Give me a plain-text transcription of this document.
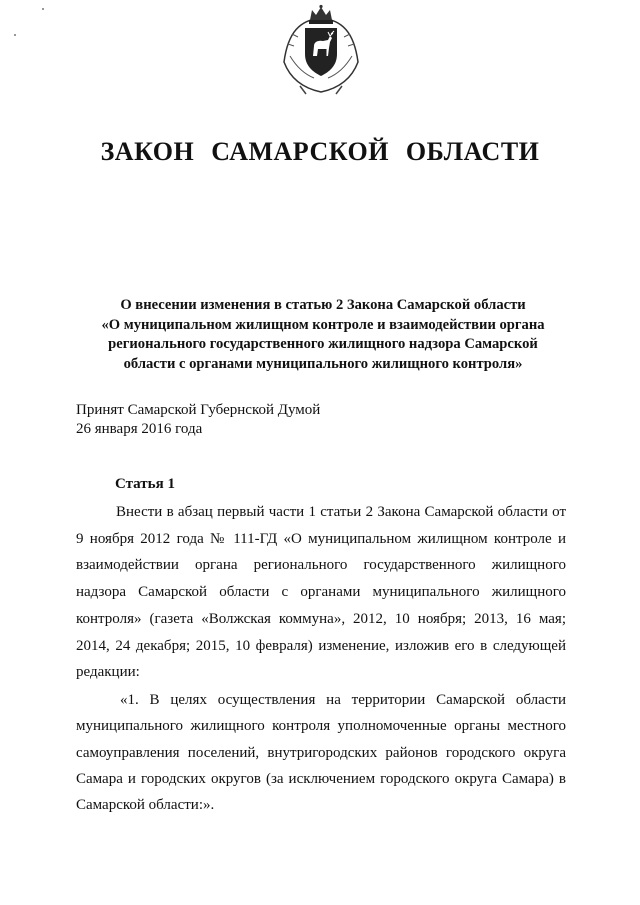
ЗАКОН САМАРСКОЙ ОБЛАСТИ
О внесении изменения в статью 2 Закона Самарской области
«О муниципальном жилищном контроле и взаимодействии органа
регионального государственного жилищного надзора Самарской
области с органами муниципального жилищного контроля»
Принят Самарской Губернской Думой
26 января 2016 года
Статья 1
Внести в абзац первый части 1 статьи 2 Закона Самарской области от
9 ноября 2012 года № 111-ГД «О муниципальном жилищном контроле и
взаимодействии органа регионального государственного жилищного
надзора Самарской области с органами муниципального жилищного
контроля» (газета «Волжская коммуна», 2012, 10 ноября; 2013, 16 мая;
2014, 24 декабря; 2015, 10 февраля) изменение, изложив его в следующей
редакции:
«1. В целях осуществления на территории Самарской области
муниципального жилищного контроля уполномоченные органы местного
самоуправления поселений, внутригородских районов городского округа
Самара и городских округов (за исключением городского округа Самара) в
Самарской области:».
